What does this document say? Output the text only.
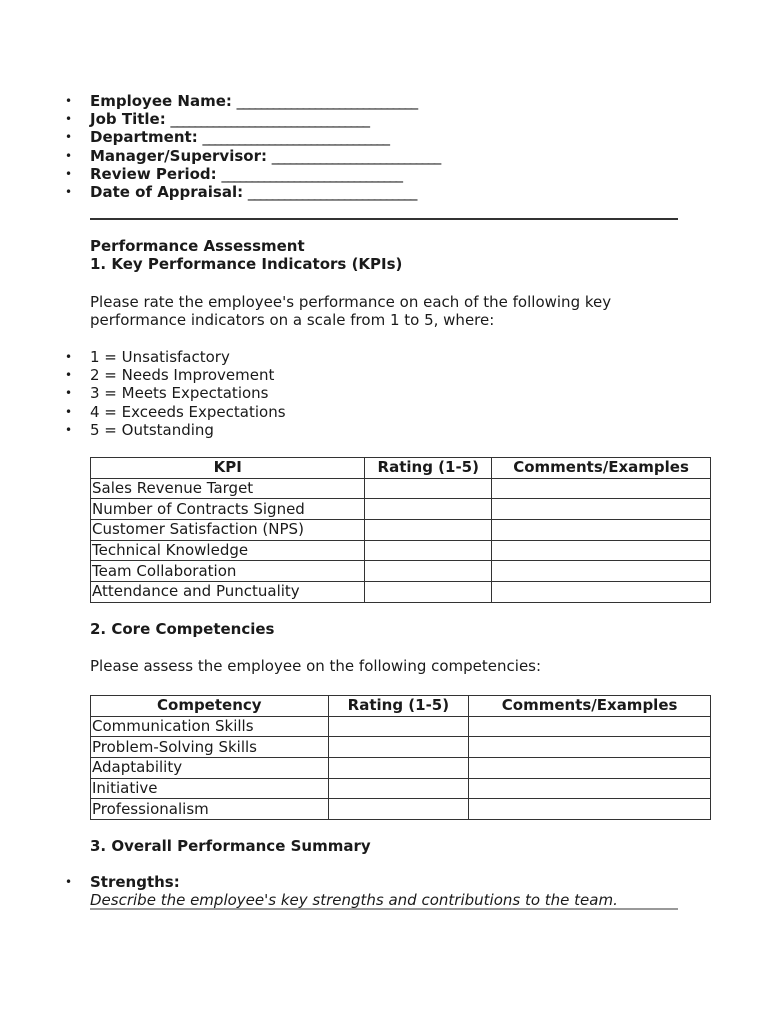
• Employee Name: ______________________________
• Job Title: _________________________________
• Department: _______________________________
• Manager/Supervisor: ____________________________
• Review Period: ______________________________
• Date of Appraisal: ____________________________
Performance Assessment
1. Key Performance Indicators (KPIs)
Please rate the employee's performance on each of the following key performance indicators on a scale from 1 to 5, where:
• 1 = Unsatisfactory
• 2 = Needs Improvement
• 3 = Meets Expectations
• 4 = Exceeds Expectations
• 5 = Outstanding
KPI	Rating (1-5)	Comments/Examples
Sales Revenue Target		
Number of Contracts Signed		
Customer Satisfaction (NPS)		
Technical Knowledge		
Team Collaboration		
Attendance and Punctuality		
2. Core Competencies
Please assess the employee on the following competencies:
Competency	Rating (1-5)	Comments/Examples
Communication Skills		
Problem-Solving Skills		
Adaptability		
Initiative		
Professionalism		
3. Overall Performance Summary
• Strengths:
Describe the employee's key strengths and contributions to the team.
